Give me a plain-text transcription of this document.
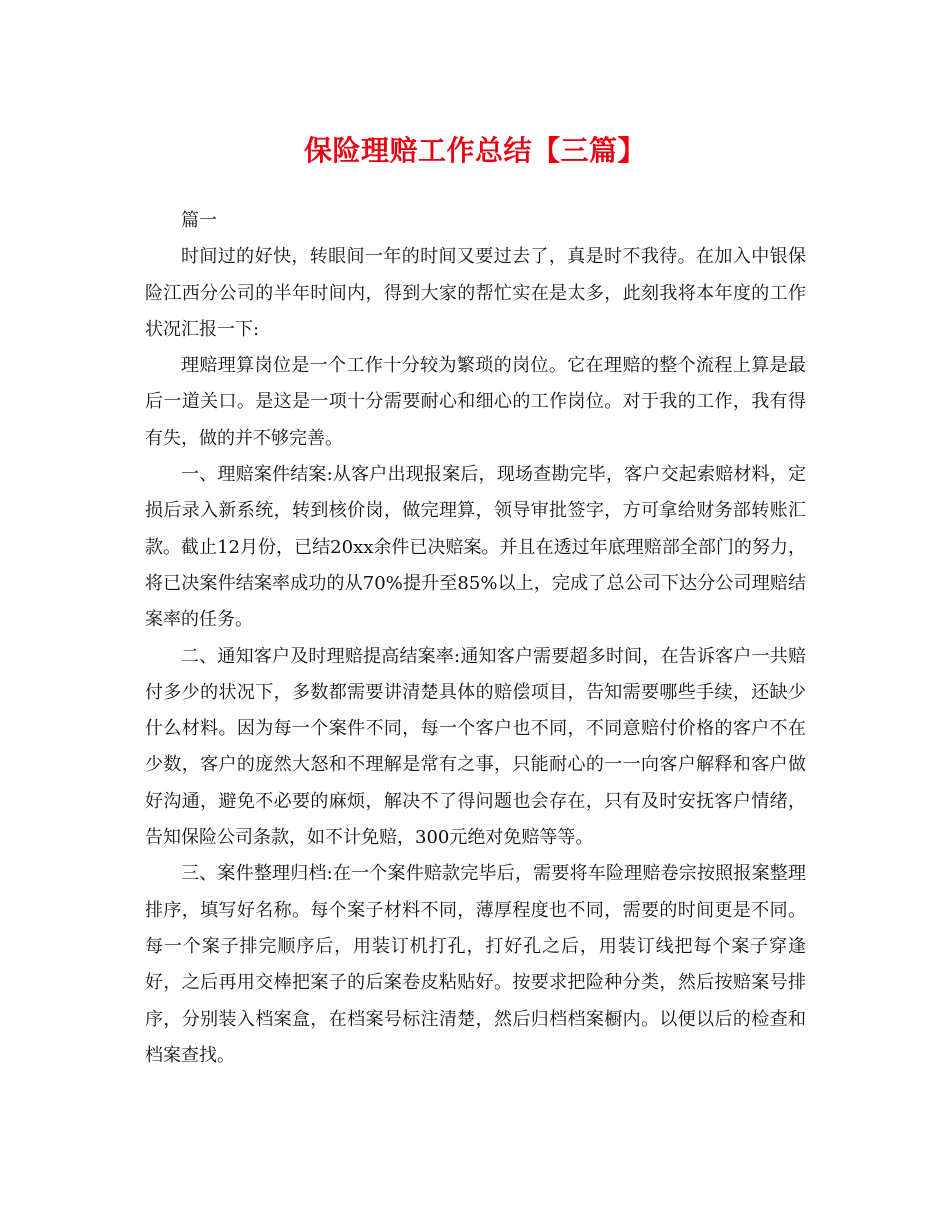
保险理赔工作总结【三篇】

篇一

时间过的好快，转眼间一年的时间又要过去了，真是时不我待。在加入中银保险江西分公司的半年时间内，得到大家的帮忙实在是太多，此刻我将本年度的工作状况汇报一下:

理赔理算岗位是一个工作十分较为繁琐的岗位。它在理赔的整个流程上算是最后一道关口。是这是一项十分需要耐心和细心的工作岗位。对于我的工作，我有得有失，做的并不够完善。

一、理赔案件结案:从客户出现报案后，现场查勘完毕，客户交起索赔材料，定损后录入新系统，转到核价岗，做完理算，领导审批签字，方可拿给财务部转账汇款。截止12月份，已结20xx余件已决赔案。并且在透过年底理赔部全部门的努力，将已决案件结案率成功的从70%提升至85%以上，完成了总公司下达分公司理赔结案率的任务。

二、通知客户及时理赔提高结案率:通知客户需要超多时间，在告诉客户一共赔付多少的状况下，多数都需要讲清楚具体的赔偿项目，告知需要哪些手续，还缺少什么材料。因为每一个案件不同，每一个客户也不同，不同意赔付价格的客户不在少数，客户的庞然大怒和不理解是常有之事，只能耐心的一一向客户解释和客户做好沟通，避免不必要的麻烦，解决不了得问题也会存在，只有及时安抚客户情绪，告知保险公司条款，如不计免赔，300元绝对免赔等等。

三、案件整理归档:在一个案件赔款完毕后，需要将车险理赔卷宗按照报案整理排序，填写好名称。每个案子材料不同，薄厚程度也不同，需要的时间更是不同。每一个案子排完顺序后，用装订机打孔，打好孔之后，用装订线把每个案子穿逢好，之后再用交棒把案子的后案卷皮粘贴好。按要求把险种分类，然后按赔案号排序，分别装入档案盒，在档案号标注清楚，然后归档档案橱内。以便以后的检查和档案查找。
